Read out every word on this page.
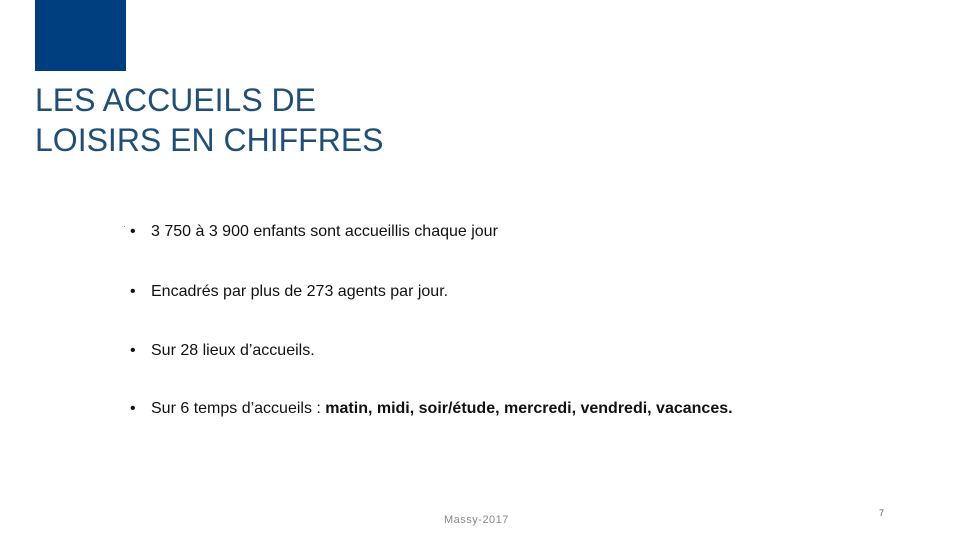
LES ACCUEILS DE
LOISIRS EN CHIFFRES
· • 3 750 à 3 900 enfants sont accueillis chaque jour
• Encadrés par plus de 273 agents par jour.
• Sur 28 lieux d’accueils.
• Sur 6 temps d’accueils : matin, midi, soir/étude, mercredi, vendredi, vacances.
Massy-2017
7
